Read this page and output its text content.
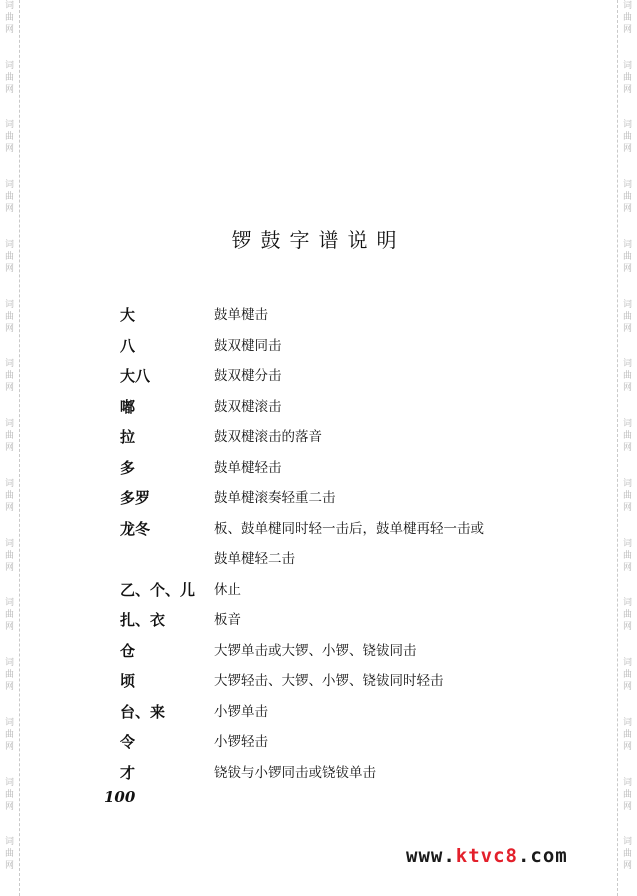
词
曲
网
词
曲
网
词
曲
网
词
曲
网
词
曲
网
词
曲
网
词
曲
网
词
曲
网
词
曲
网
词
曲
网
词
曲
网
词
曲
网
词
曲
网
词
曲
网
词
曲
网
词
曲
网
词
曲
网
词
曲
网
词
曲
网
词
曲
网
词
曲
网
词
曲
网
词
曲
网
词
曲
网
词
曲
网
词
曲
网
词
曲
网
词
曲
网
词
曲
网
词
曲
网
锣鼓字谱说明
大	鼓单楗击
八	鼓双楗同击
大八	鼓双楗分击
嘟	鼓双楗滚击
拉	鼓双楗滚击的落音
多	鼓单楗轻击
多罗	鼓单楗滚奏轻重二击
龙冬	板、鼓单楗同时轻一击后，鼓单楗再轻一击或
鼓单楗轻二击
乙、个、儿	休止
扎、衣	板音
仓	大锣单击或大锣、小锣、铙钹同击
顷	大锣轻击、大锣、小锣、铙钹同时轻击
台、来	小锣单击
令	小锣轻击
才	铙钹与小锣同击或铙钹单击
100
www.ktvc8.com
